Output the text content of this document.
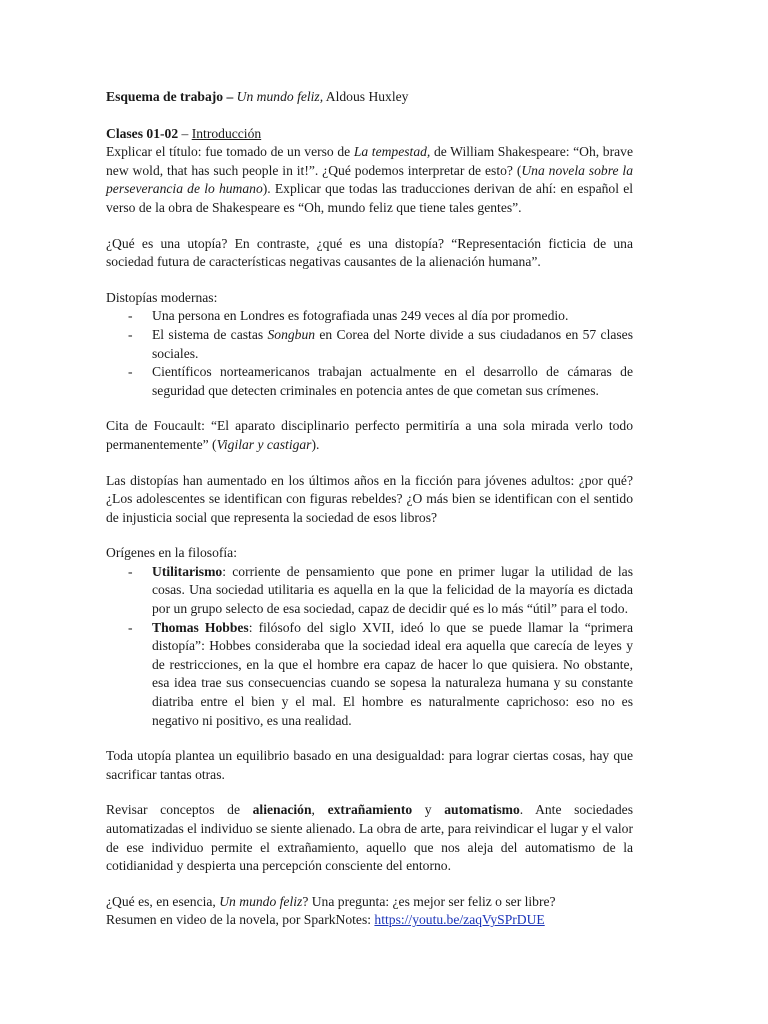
Esquema de trabajo – Un mundo feliz, Aldous Huxley

Clases 01-02 – Introducción

Explicar el título: fue tomado de un verso de La tempestad, de William Shakespeare: “Oh, brave new wold, that has such people in it!”. ¿Qué podemos interpretar de esto? (Una novela sobre la perseverancia de lo humano). Explicar que todas las traducciones derivan de ahí: en español el verso de la obra de Shakespeare es “Oh, mundo feliz que tiene tales gentes”.

¿Qué es una utopía? En contraste, ¿qué es una distopía? “Representación ficticia de una sociedad futura de características negativas causantes de la alienación humana”.

Distopías modernas:

- Una persona en Londres es fotografiada unas 249 veces al día por promedio.
- El sistema de castas Songbun en Corea del Norte divide a sus ciudadanos en 57 clases sociales.
- Científicos norteamericanos trabajan actualmente en el desarrollo de cámaras de seguridad que detecten criminales en potencia antes de que cometan sus crímenes.

Cita de Foucault: “El aparato disciplinario perfecto permitiría a una sola mirada verlo todo permanentemente” (Vigilar y castigar).

Las distopías han aumentado en los últimos años en la ficción para jóvenes adultos: ¿por qué? ¿Los adolescentes se identifican con figuras rebeldes? ¿O más bien se identifican con el sentido de injusticia social que representa la sociedad de esos libros?

Orígenes en la filosofía:

- Utilitarismo: corriente de pensamiento que pone en primer lugar la utilidad de las cosas. Una sociedad utilitaria es aquella en la que la felicidad de la mayoría es dictada por un grupo selecto de esa sociedad, capaz de decidir qué es lo más “útil” para el todo.
- Thomas Hobbes: filósofo del siglo XVII, ideó lo que se puede llamar la “primera distopía”: Hobbes consideraba que la sociedad ideal era aquella que carecía de leyes y de restricciones, en la que el hombre era capaz de hacer lo que quisiera. No obstante, esa idea trae sus consecuencias cuando se sopesa la naturaleza humana y su constante diatriba entre el bien y el mal. El hombre es naturalmente caprichoso: eso no es negativo ni positivo, es una realidad.

Toda utopía plantea un equilibrio basado en una desigualdad: para lograr ciertas cosas, hay que sacrificar tantas otras.

Revisar conceptos de alienación, extrañamiento y automatismo. Ante sociedades automatizadas el individuo se siente alienado. La obra de arte, para reivindicar el lugar y el valor de ese individuo permite el extrañamiento, aquello que nos aleja del automatismo de la cotidianidad y despierta una percepción consciente del entorno.

¿Qué es, en esencia, Un mundo feliz? Una pregunta: ¿es mejor ser feliz o ser libre?

Resumen en video de la novela, por SparkNotes: https://youtu.be/zaqVySPrDUE
